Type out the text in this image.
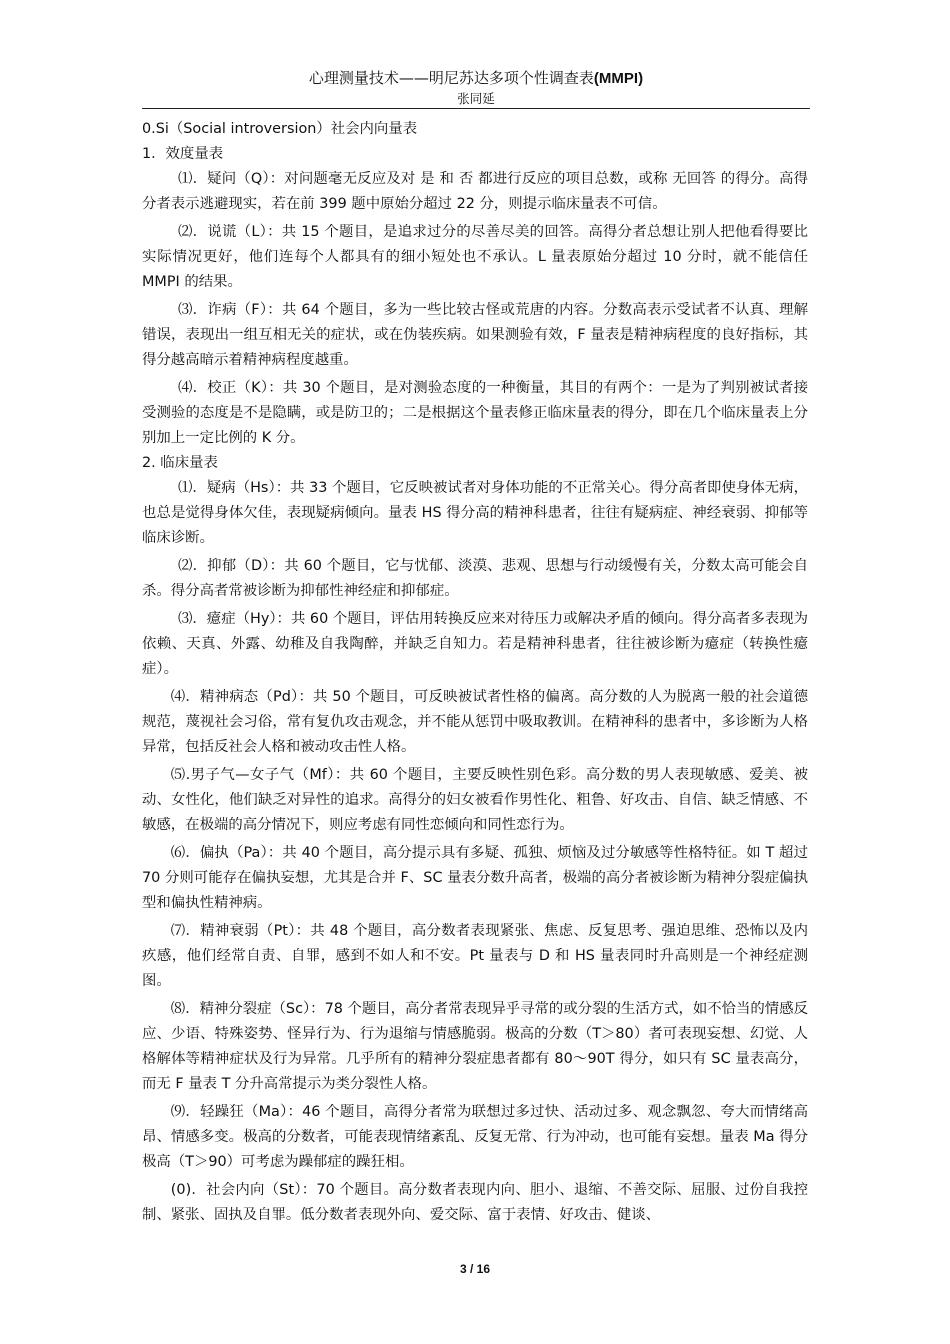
心理测量技术——明尼苏达多项个性调查表(MMPI)
张同延

0.Si（Social introversion）社会内向量表

1．效度量表

⑴．疑问（Q）：对问题毫无反应及对 是 和 否 都进行反应的项目总数，或称 无回答 的得分。高得分者表示逃避现实，若在前 399 题中原始分超过 22 分，则提示临床量表不可信。

⑵．说谎（L）：共 15 个题目，是追求过分的尽善尽美的回答。高得分者总想让别人把他看得要比实际情况更好，他们连每个人都具有的细小短处也不承认。L 量表原始分超过 10 分时，就不能信任 MMPI 的结果。

⑶．诈病（F）：共 64 个题目，多为一些比较古怪或荒唐的内容。分数高表示受试者不认真、理解错误，表现出一组互相无关的症状，或在伪装疾病。如果测验有效，F 量表是精神病程度的良好指标，其得分越高暗示着精神病程度越重。

⑷．校正（K）：共 30 个题目，是对测验态度的一种衡量，其目的有两个：一是为了判别被试者接受测验的态度是不是隐瞒，或是防卫的；二是根据这个量表修正临床量表的得分，即在几个临床量表上分别加上一定比例的 K 分。

2. 临床量表

⑴．疑病（Hs）：共 33 个题目，它反映被试者对身体功能的不正常关心。得分高者即使身体无病，也总是觉得身体欠佳，表现疑病倾向。量表 HS 得分高的精神科患者，往往有疑病症、神经衰弱、抑郁等临床诊断。

⑵．抑郁（D）：共 60 个题目，它与忧郁、淡漠、悲观、思想与行动缓慢有关，分数太高可能会自杀。得分高者常被诊断为抑郁性神经症和抑郁症。

⑶．癔症（Hy）：共 60 个题目，评估用转换反应来对待压力或解决矛盾的倾向。得分高者多表现为依赖、天真、外露、幼稚及自我陶醉，并缺乏自知力。若是精神科患者，往往被诊断为癔症（转换性癔症）。

⑷．精神病态（Pd）：共 50 个题目，可反映被试者性格的偏离。高分数的人为脱离一般的社会道德规范，蔑视社会习俗，常有复仇攻击观念，并不能从惩罚中吸取教训。在精神科的患者中，多诊断为人格异常，包括反社会人格和被动攻击性人格。

⑸.男子气—女子气（Mf）：共 60 个题目，主要反映性别色彩。高分数的男人表现敏感、爱美、被动、女性化，他们缺乏对异性的追求。高得分的妇女被看作男性化、粗鲁、好攻击、自信、缺乏情感、不敏感，在极端的高分情况下，则应考虑有同性恋倾向和同性恋行为。

⑹．偏执（Pa）：共 40 个题目，高分提示具有多疑、孤独、烦恼及过分敏感等性格特征。如 T 超过 70 分则可能存在偏执妄想，尤其是合并 F、SC 量表分数升高者，极端的高分者被诊断为精神分裂症偏执型和偏执性精神病。

⑺．精神衰弱（Pt）：共 48 个题目，高分数者表现紧张、焦虑、反复思考、强迫思维、恐怖以及内疚感，他们经常自责、自罪，感到不如人和不安。Pt 量表与 D 和 HS 量表同时升高则是一个神经症测图。

⑻．精神分裂症（Sc）：78 个题目，高分者常表现异乎寻常的或分裂的生活方式，如不恰当的情感反应、少语、特殊姿势、怪异行为、行为退缩与情感脆弱。极高的分数（T＞80）者可表现妄想、幻觉、人格解体等精神症状及行为异常。几乎所有的精神分裂症患者都有 80～90T 得分，如只有 SC 量表高分，而无 F 量表 T 分升高常提示为类分裂性人格。

⑼．轻躁狂（Ma）：46 个题目，高得分者常为联想过多过快、活动过多、观念飘忽、夸大而情绪高昂、情感多变。极高的分数者，可能表现情绪紊乱、反复无常、行为冲动，也可能有妄想。量表 Ma 得分极高（T＞90）可考虑为躁郁症的躁狂相。

(0)．社会内向（St）：70 个题目。高分数者表现内向、胆小、退缩、不善交际、屈服、过份自我控制、紧张、固执及自罪。低分数者表现外向、爱交际、富于表情、好攻击、健谈、

3 / 16
